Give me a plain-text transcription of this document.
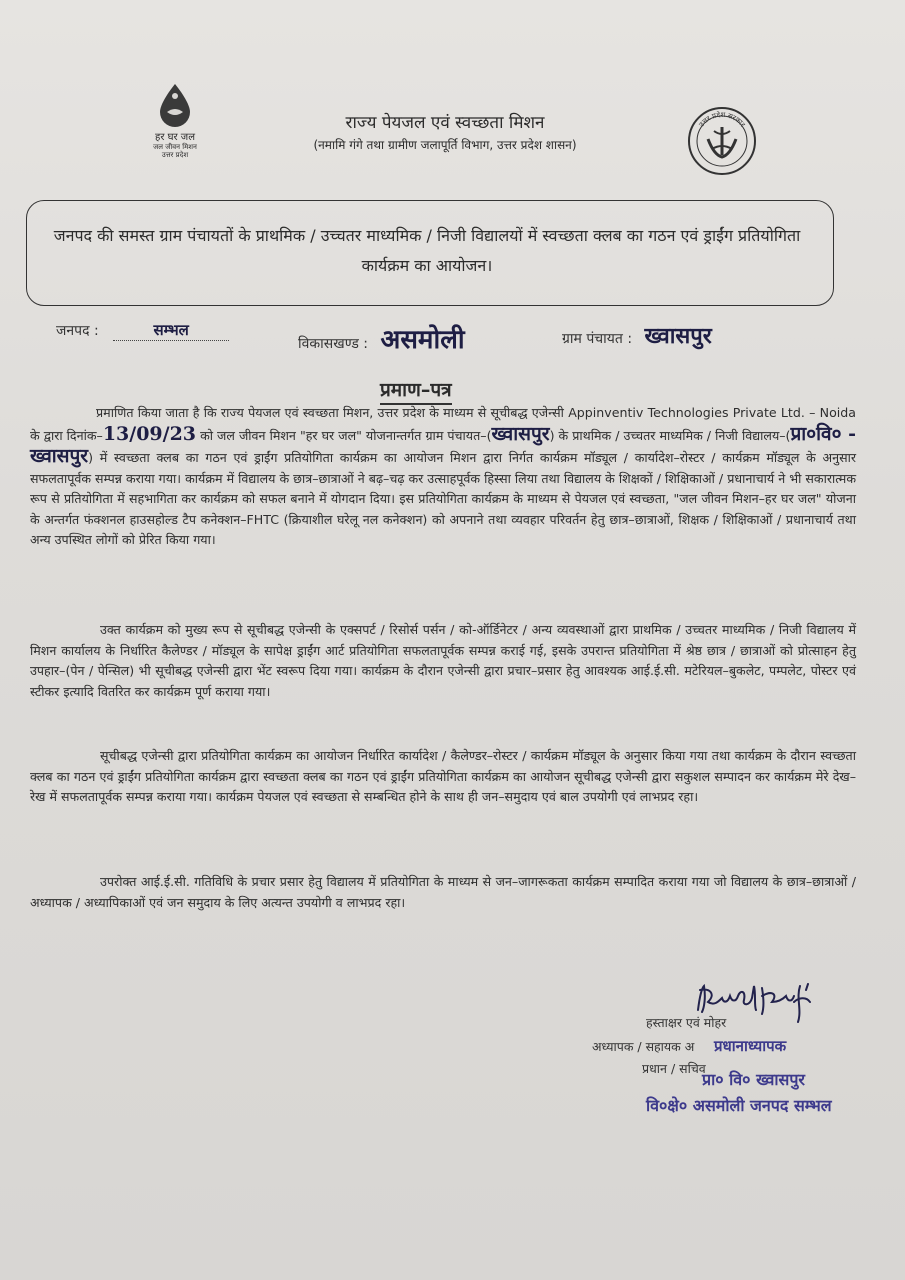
हर घर जल
जल जीवन मिशन
उत्तर प्रदेश
राज्य पेयजल एवं स्वच्छता मिशन
(नमामि गंगे तथा ग्रामीण जलापूर्ति विभाग, उत्तर प्रदेश शासन)
उत्तर प्रदेश सरकार
जनपद की समस्त ग्राम पंचायतों के प्राथमिक / उच्चतर माध्यमिक / निजी विद्यालयों में स्वच्छता क्लब का गठन एवं ड्राईंग प्रतियोगिता कार्यक्रम का आयोजन।
जनपद :	सम्भल
विकासखण्ड : असमोली	ग्राम पंचायत : ख्वासपुर
प्रमाण–पत्र
प्रमाणित किया जाता है कि राज्य पेयजल एवं स्वच्छता मिशन, उत्तर प्रदेश के माध्यम से सूचीबद्ध एजेन्सी Appinventiv Technologies Private Ltd. – Noida के द्वारा दिनांक–13/09/23 को जल जीवन मिशन "हर घर जल" योजनान्तर्गत ग्राम पंचायत–(ख्वासपुर) के प्राथमिक / उच्चतर माध्यमिक / निजी विद्यालय–(प्रा०वि० - ख्वासपुर) में स्वच्छता क्लब का गठन एवं ड्राईंग प्रतियोगिता कार्यक्रम का आयोजन मिशन द्वारा निर्गत कार्यक्रम मॉड्यूल / कार्यादेश–रोस्टर / कार्यक्रम मॉड्यूल के अनुसार सफलतापूर्वक सम्पन्न कराया गया। कार्यक्रम में विद्यालय के छात्र–छात्राओं ने बढ़–चढ़ कर उत्साहपूर्वक हिस्सा लिया तथा विद्यालय के शिक्षकों / शिक्षिकाओं / प्रधानाचार्य ने भी सकारात्मक रूप से प्रतियोगिता में सहभागिता कर कार्यक्रम को सफल बनाने में योगदान दिया। इस प्रतियोगिता कार्यक्रम के माध्यम से पेयजल एवं स्वच्छता, "जल जीवन मिशन–हर घर जल" योजना के अन्तर्गत फंक्शनल हाउसहोल्ड टैप कनेक्शन–FHTC (क्रियाशील घरेलू नल कनेक्शन) को अपनाने तथा व्यवहार परिवर्तन हेतु छात्र–छात्राओं, शिक्षक / शिक्षिकाओं / प्रधानाचार्य तथा अन्य उपस्थित लोगों को प्रेरित किया गया।
उक्त कार्यक्रम को मुख्य रूप से सूचीबद्ध एजेन्सी के एक्सपर्ट / रिसोर्स पर्सन / को-ऑर्डिनेटर / अन्य व्यवस्थाओं द्वारा प्राथमिक / उच्चतर माध्यमिक / निजी विद्यालय में मिशन कार्यालय के निर्धारित कैलेण्डर / मॉड्यूल के सापेक्ष ड्राईंग आर्ट प्रतियोगिता सफलतापूर्वक सम्पन्न कराई गई, इसके उपरान्त प्रतियोगिता में श्रेष्ठ छात्र / छात्राओं को प्रोत्साहन हेतु उपहार–(पेन / पेन्सिल) भी सूचीबद्ध एजेन्सी द्वारा भेंट स्वरूप दिया गया। कार्यक्रम के दौरान एजेन्सी द्वारा प्रचार–प्रसार हेतु आवश्यक आई.ई.सी. मटेरियल–बुकलेट, पम्पलेट, पोस्टर एवं स्टीकर इत्यादि वितरित कर कार्यक्रम पूर्ण कराया गया।
सूचीबद्ध एजेन्सी द्वारा प्रतियोगिता कार्यक्रम का आयोजन निर्धारित कार्यादेश / कैलेण्डर–रोस्टर / कार्यक्रम मॉड्यूल के अनुसार किया गया तथा कार्यक्रम के दौरान स्वच्छता क्लब का गठन एवं ड्राईंग प्रतियोगिता कार्यक्रम द्वारा स्वच्छता क्लब का गठन एवं ड्राईंग प्रतियोगिता कार्यक्रम का आयोजन सूचीबद्ध एजेन्सी द्वारा सकुशल सम्पादन कर कार्यक्रम मेरे देख–रेख में सफलतापूर्वक सम्पन्न कराया गया। कार्यक्रम पेयजल एवं स्वच्छता से सम्बन्धित होने के साथ ही जन–समुदाय एवं बाल उपयोगी एवं लाभप्रद रहा।
उपरोक्त आई.ई.सी. गतिविधि के प्रचार प्रसार हेतु विद्यालय में प्रतियोगिता के माध्यम से जन–जागरूकता कार्यक्रम सम्पादित कराया गया जो विद्यालय के छात्र–छात्राओं / अध्यापक / अध्यापिकाओं एवं जन समुदाय के लिए अत्यन्त उपयोगी व लाभप्रद रहा।
हस्ताक्षर एवं मोहर
अध्यापक / सहायक अ
प्रधान / सचिव
प्रधानाध्यापक
प्रा० वि० ख्वासपुर
वि०क्षे० असमोली जनपद सम्भल
